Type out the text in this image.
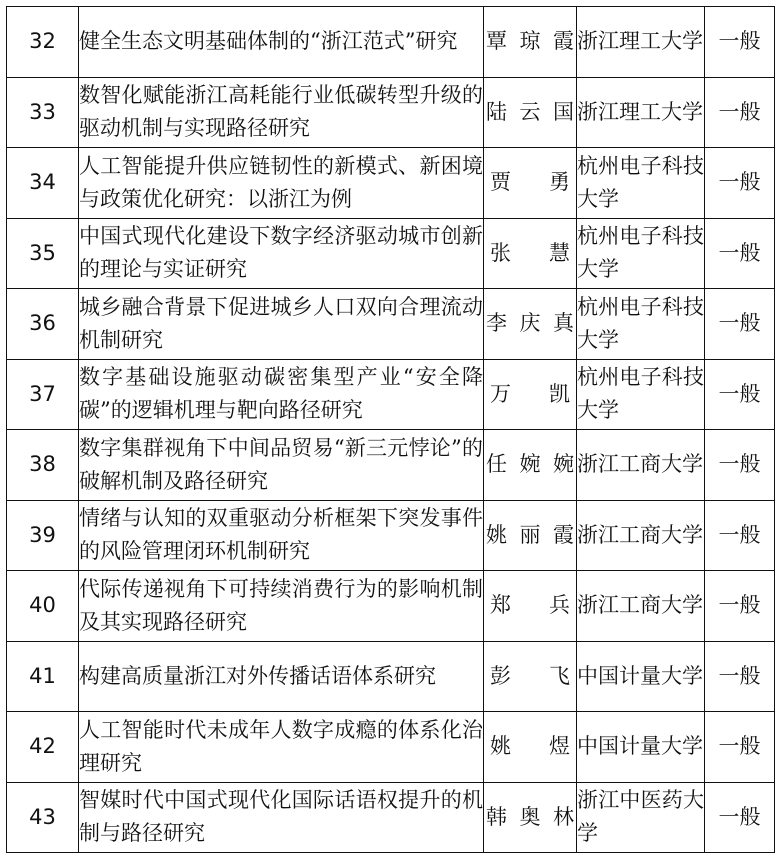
32	健全生态文明基础体制的“浙江范式”研究	覃琼霞	浙江理工大学	一般

33	数智化赋能浙江高耗能行业低碳转型升级的驱动机制与实现路径研究	陆云国	浙江理工大学	一般

34	人工智能提升供应链韧性的新模式、新困境与政策优化研究：以浙江为例	贾勇	杭州电子科技大学	一般

35	中国式现代化建设下数字经济驱动城市创新的理论与实证研究	张慧	杭州电子科技大学	一般

36	城乡融合背景下促进城乡人口双向合理流动机制研究	李庆真	杭州电子科技大学	一般

37	数字基础设施驱动碳密集型产业“安全降碳”的逻辑机理与靶向路径研究	万凯	杭州电子科技大学	一般

38	数字集群视角下中间品贸易“新三元悖论”的破解机制及路径研究	任婉婉	浙江工商大学	一般

39	情绪与认知的双重驱动分析框架下突发事件的风险管理闭环机制研究	姚丽霞	浙江工商大学	一般

40	代际传递视角下可持续消费行为的影响机制及其实现路径研究	郑兵	浙江工商大学	一般

41	构建高质量浙江对外传播话语体系研究	彭飞	中国计量大学	一般

42	人工智能时代未成年人数字成瘾的体系化治理研究	姚煜	中国计量大学	一般

43	智媒时代中国式现代化国际话语权提升的机制与路径研究	韩奥林	浙江中医药大学	一般
